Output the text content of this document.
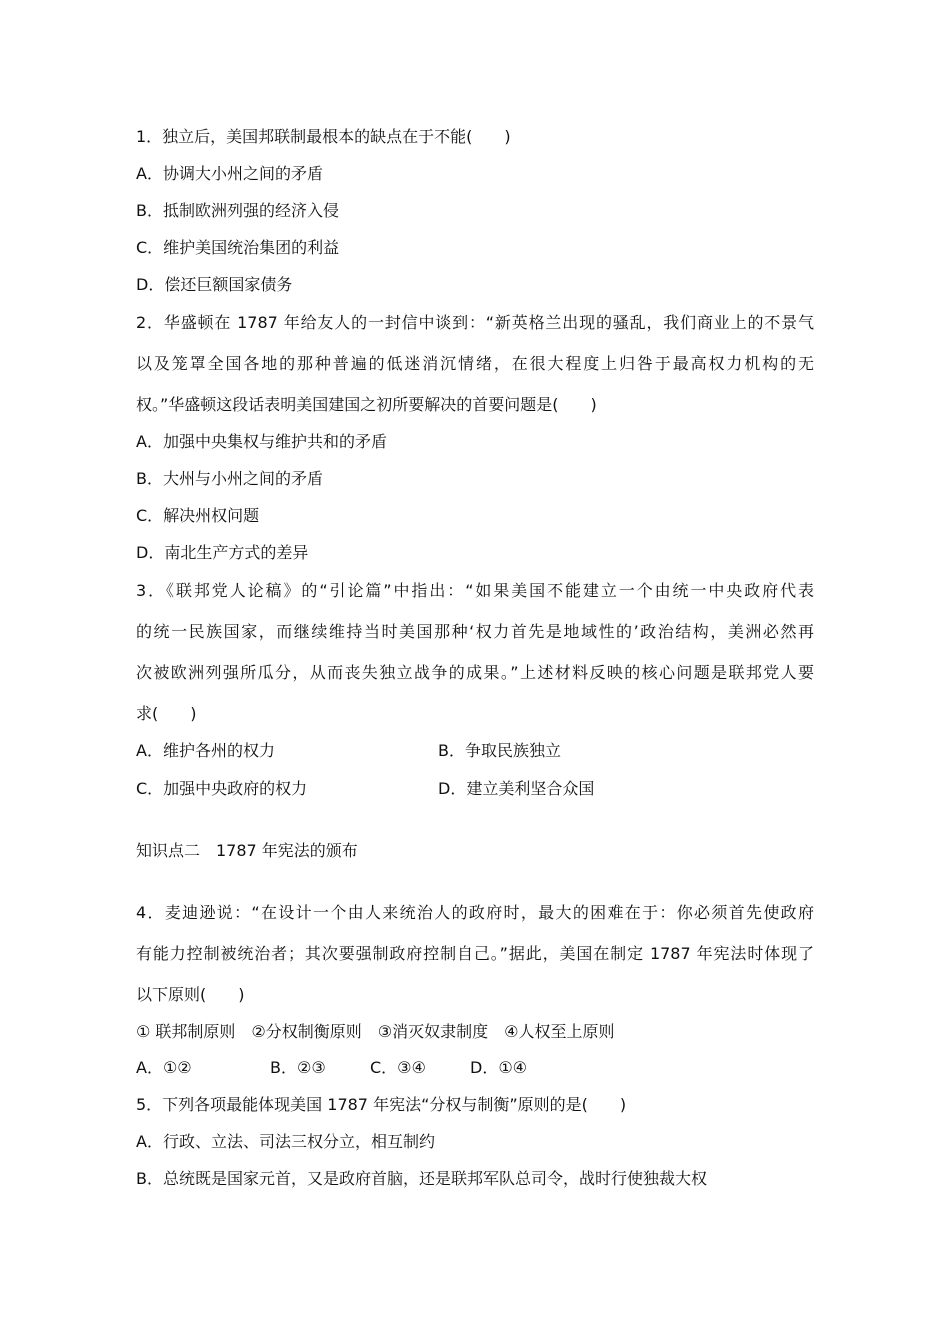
1．独立后，美国邦联制最根本的缺点在于不能(　　)
A．协调大小州之间的矛盾
B．抵制欧洲列强的经济入侵
C．维护美国统治集团的利益
D．偿还巨额国家债务
2．华盛顿在 1787 年给友人的一封信中谈到：“新英格兰出现的骚乱，我们商业上的不景气
以及笼罩全国各地的那种普遍的低迷消沉情绪，在很大程度上归咎于最高权力机构的无
权。”华盛顿这段话表明美国建国之初所要解决的首要问题是(　　)
A．加强中央集权与维护共和的矛盾
B．大州与小州之间的矛盾
C．解决州权问题
D．南北生产方式的差异
3．《联邦党人论稿》的“引论篇”中指出：“如果美国不能建立一个由统一中央政府代表
的统一民族国家，而继续维持当时美国那种‘权力首先是地域性的’政治结构，美洲必然再
次被欧洲列强所瓜分，从而丧失独立战争的成果。”上述材料反映的核心问题是联邦党人要
求(　　)
A．维护各州的权力	B．争取民族独立
C．加强中央政府的权力	D．建立美利坚合众国
知识点二　1787 年宪法的颁布
4．麦迪逊说：“在设计一个由人来统治人的政府时，最大的困难在于：你必须首先使政府
有能力控制被统治者；其次要强制政府控制自己。”据此，美国在制定 1787 年宪法时体现了
以下原则(　　)
① 联邦制原则　②分权制衡原则　③消灭奴隶制度　④人权至上原则
A．①②	B．②③	C．③④	D．①④
5．下列各项最能体现美国 1787 年宪法“分权与制衡”原则的是(　　)
A．行政、立法、司法三权分立，相互制约
B．总统既是国家元首，又是政府首脑，还是联邦军队总司令，战时行使独裁大权
